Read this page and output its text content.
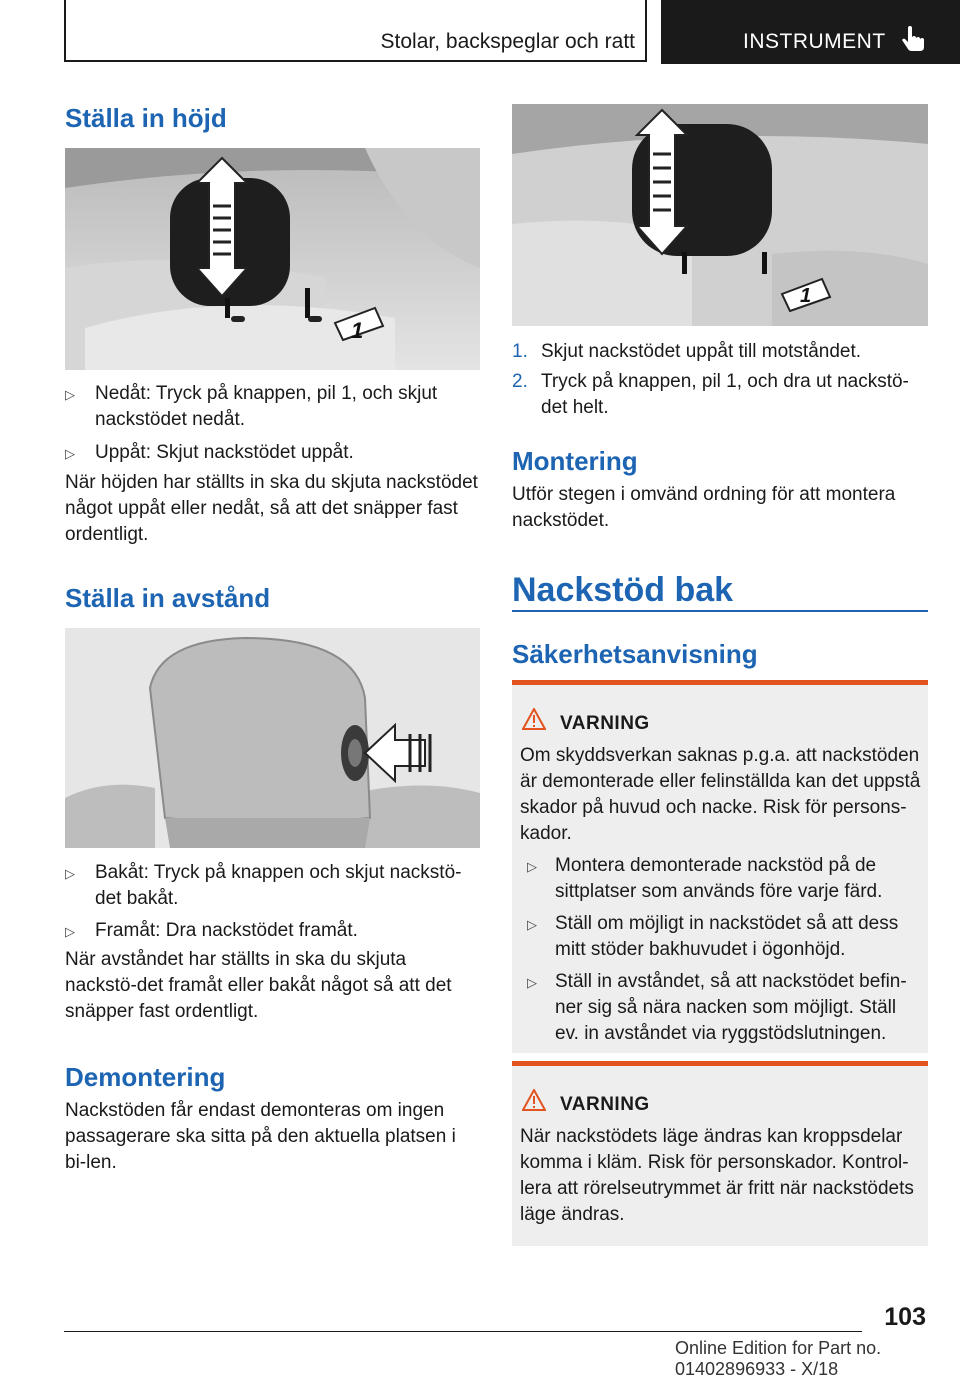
Stolar, backspeglar och ratt	INSTRUMENT
Ställa in höjd
1
▷ Nedåt: Tryck på knappen, pil 1, och skjut nackstödet nedåt.
▷ Uppåt: Skjut nackstödet uppåt.

När höjden har ställts in ska du skjuta nackstödet något uppåt eller nedåt, så att det snäpper fast ordentligt.

Ställa in avstånd
▷ Bakåt: Tryck på knappen och skjut nackstö-det bakåt.
▷ Framåt: Dra nackstödet framåt.

När avståndet har ställts in ska du skjuta nackstö-det framåt eller bakåt något så att det snäpper fast ordentligt.

Demontering

Nackstöden får endast demonteras om ingen passagerare ska sitta på den aktuella platsen i bi-len.

1
1. Skjut nackstödet uppåt till motståndet.
2. Tryck på knappen, pil 1, och dra ut nackstö-det helt.
Montering

Utför stegen i omvänd ordning för att montera nackstödet.

Nackstöd bak
Säkerhetsanvisning
VARNING

Om skyddsverkan saknas p.g.a. att nackstöden är demonterade eller felinställda kan det uppstå skador på huvud och nacke. Risk för persons-kador.

▷ Montera demonterade nackstöd på de sittplatser som används före varje färd.
▷ Ställ om möjligt in nackstödet så att dess mitt stöder bakhuvudet i ögonhöjd.
▷ Ställ in avståndet, så att nackstödet befin-ner sig så nära nacken som möjligt. Ställ ev. in avståndet via ryggstödslutningen.
VARNING

När nackstödets läge ändras kan kroppsdelar komma i kläm. Risk för personskador. Kontrol-lera att rörelseutrymmet är fritt när nackstödets läge ändras.

103
Online Edition for Part no. 01402896933 - X/18
